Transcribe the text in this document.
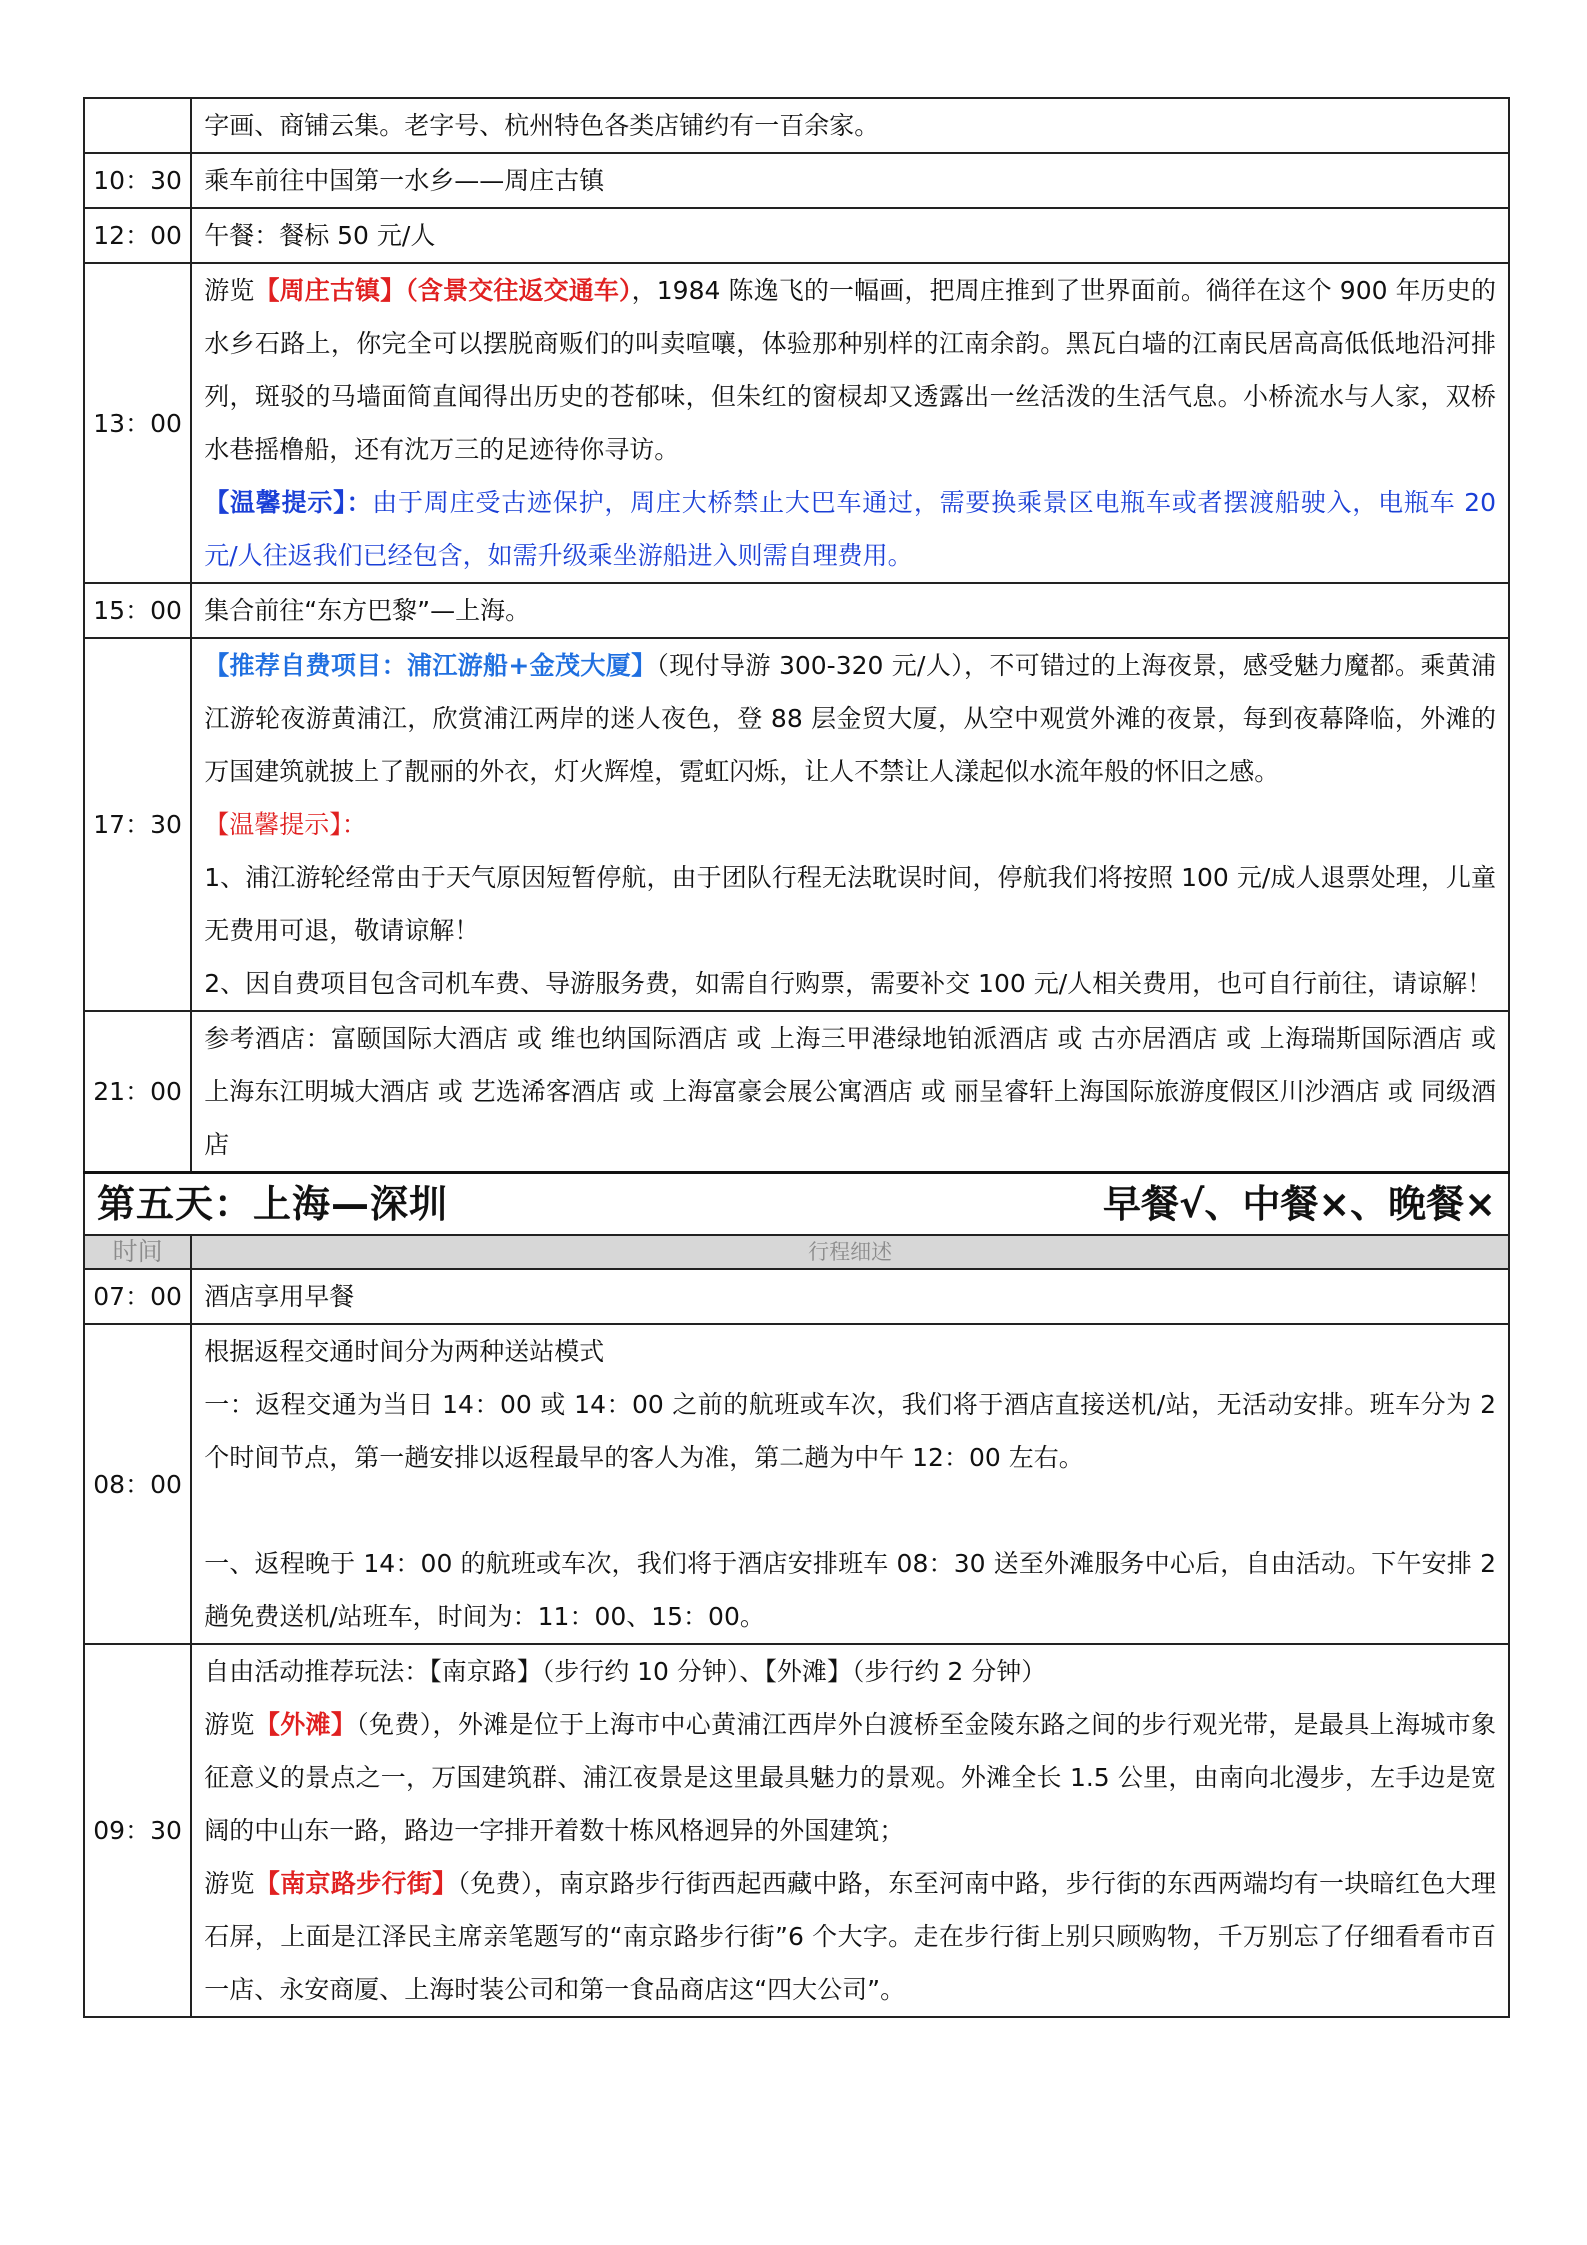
	字画、商铺云集。老字号、杭州特色各类店铺约有一百余家。
10：30	乘车前往中国第一水乡——周庄古镇
12：00	午餐：餐标 50 元/人
13：00	游览【周庄古镇】（含景交往返交通车），1984 陈逸飞的一幅画，把周庄推到了世界面前。徜徉在这个 900 年历史的水乡石路上，你完全可以摆脱商贩们的叫卖喧嚷，体验那种别样的江南余韵。黑瓦白墙的江南民居高高低低地沿河排列，斑驳的马墙面简直闻得出历史的苍郁味，但朱红的窗棂却又透露出一丝活泼的生活气息。小桥流水与人家，双桥水巷摇橹船，还有沈万三的足迹待你寻访。
【温馨提示】：由于周庄受古迹保护，周庄大桥禁止大巴车通过，需要换乘景区电瓶车或者摆渡船驶入，电瓶车 20 元/人往返我们已经包含，如需升级乘坐游船进入则需自理费用。

15：00	集合前往“东方巴黎”—上海。
17：30	【推荐自费项目：浦江游船+金茂大厦】（现付导游 300-320 元/人），不可错过的上海夜景，感受魅力魔都。乘黄浦江游轮夜游黄浦江，欣赏浦江两岸的迷人夜色，登 88 层金贸大厦，从空中观赏外滩的夜景，每到夜幕降临，外滩的万国建筑就披上了靓丽的外衣，灯火辉煌，霓虹闪烁，让人不禁让人漾起似水流年般的怀旧之感。
【温馨提示】：
1、浦江游轮经常由于天气原因短暂停航，由于团队行程无法耽误时间，停航我们将按照 100 元/成人退票处理，儿童无费用可退，敬请谅解！
2、因自费项目包含司机车费、导游服务费，如需自行购票，需要补交 100 元/人相关费用，也可自行前往，请谅解！

21：00	参考酒店：富颐国际大酒店 或 维也纳国际酒店 或 上海三甲港绿地铂派酒店 或 古亦居酒店 或 上海瑞斯国际酒店 或 上海东江明城大酒店 或 艺选浠客酒店 或 上海富豪会展公寓酒店 或 丽呈睿轩上海国际旅游度假区川沙酒店 或 同级酒店

第五天：上海—深圳 早餐√、中餐×、晚餐×	

时间	行程细述
07：00	酒店享用早餐
08：00	根据返程交通时间分为两种送站模式
一：返程交通为当日 14：00 或 14：00 之前的航班或车次，我们将于酒店直接送机/站，无活动安排。班车分为 2 个时间节点，第一趟安排以返程最早的客人为准，第二趟为中午 12：00 左右。
一、返程晚于 14：00 的航班或车次，我们将于酒店安排班车 08：30 送至外滩服务中心后，自由活动。下午安排 2 趟免费送机/站班车，时间为：11：00、15：00。

09：30	自由活动推荐玩法：【南京路】（步行约 10 分钟）、【外滩】（步行约 2 分钟）
游览【外滩】（免费），外滩是位于上海市中心黄浦江西岸外白渡桥至金陵东路之间的步行观光带，是最具上海城市象征意义的景点之一，万国建筑群、浦江夜景是这里最具魅力的景观。外滩全长 1.5 公里，由南向北漫步，左手边是宽阔的中山东一路，路边一字排开着数十栋风格迥异的外国建筑；
游览【南京路步行街】（免费），南京路步行街西起西藏中路，东至河南中路，步行街的东西两端均有一块暗红色大理石屏，上面是江泽民主席亲笔题写的“南京路步行街”6 个大字。走在步行街上别只顾购物，千万别忘了仔细看看市百一店、永安商厦、上海时装公司和第一食品商店这“四大公司”。
